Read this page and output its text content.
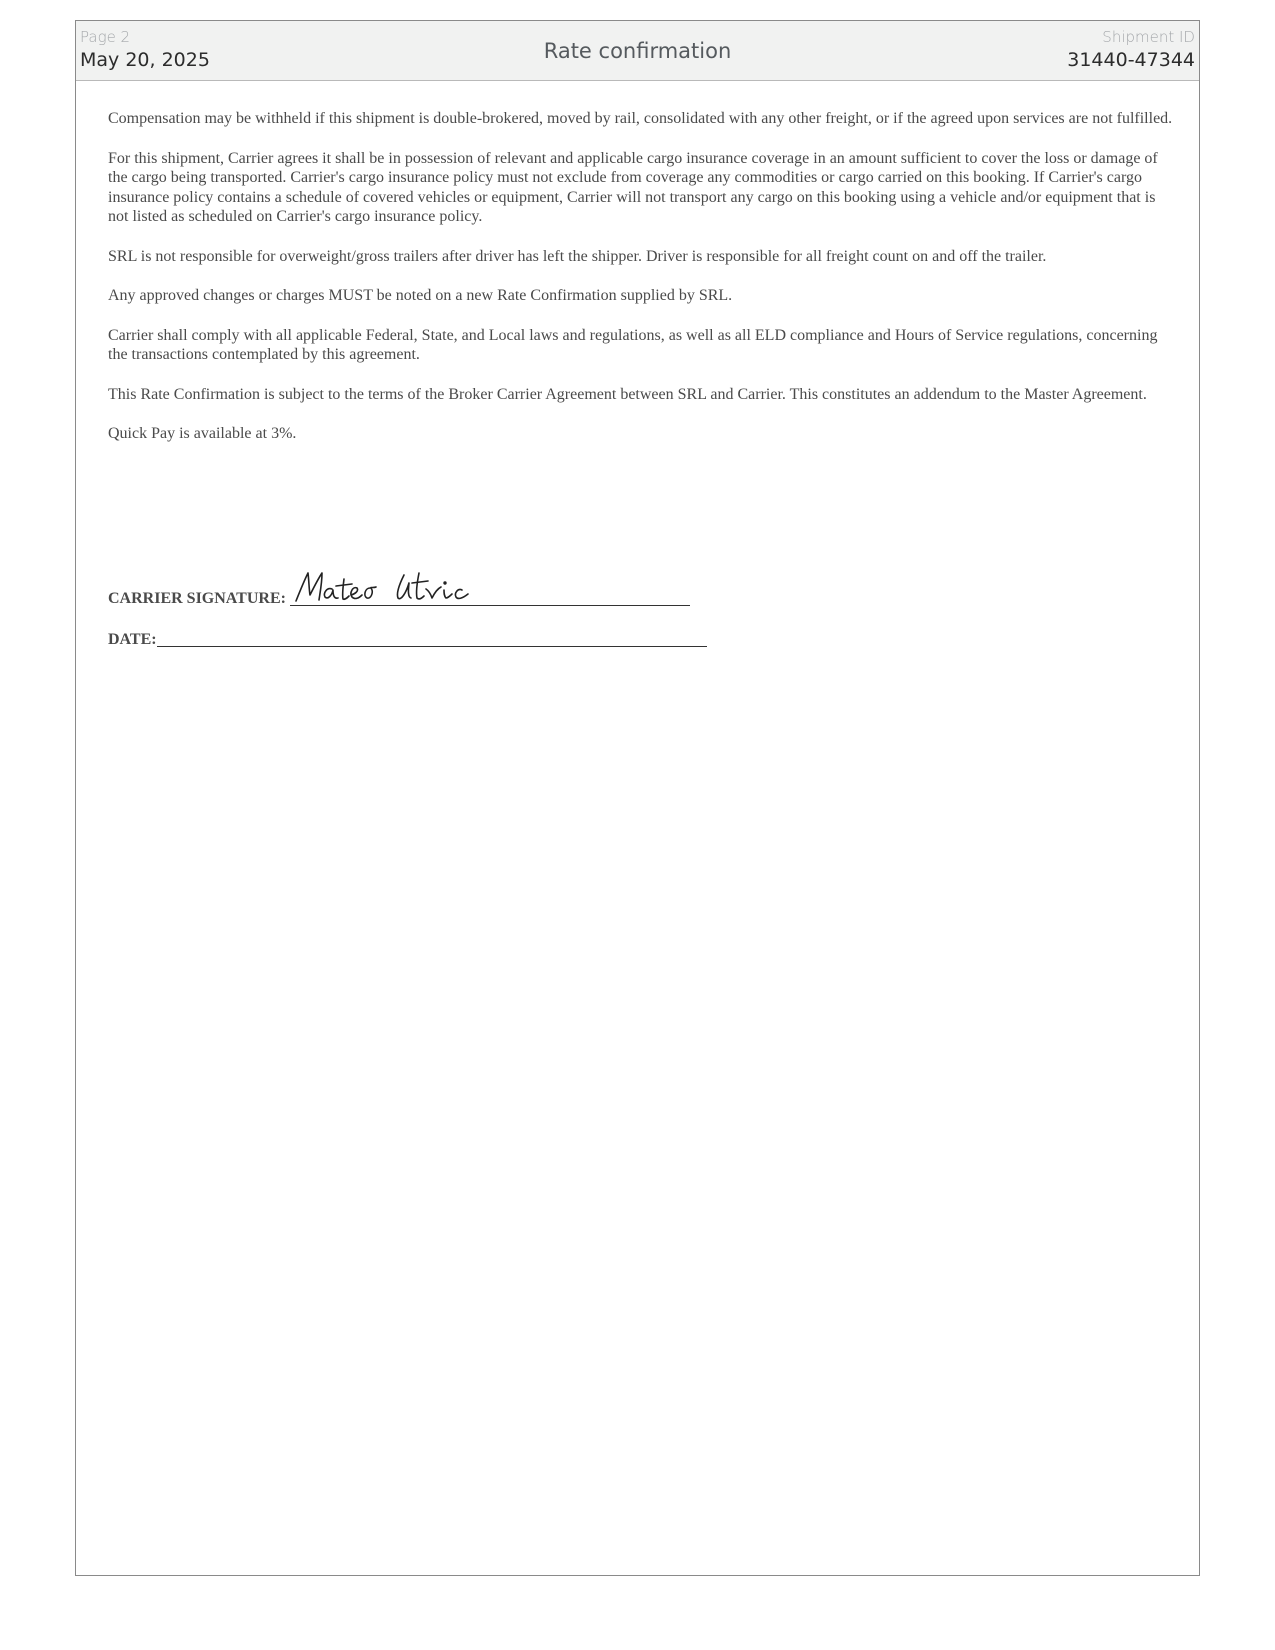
Page 2
May 20, 2025	Rate confirmation
Shipment ID
31440-47344

Compensation may be withheld if this shipment is double-brokered, moved by rail, consolidated with any other freight, or if the agreed upon services are not fulfilled.

For this shipment, Carrier agrees it shall be in possession of relevant and applicable cargo insurance coverage in an amount sufficient to cover the loss or damage of the cargo being transported. Carrier's cargo insurance policy must not exclude from coverage any commodities or cargo carried on this booking. If Carrier's cargo insurance policy contains a schedule of covered vehicles or equipment, Carrier will not transport any cargo on this booking using a vehicle and/or equipment that is not listed as scheduled on Carrier's cargo insurance policy.

SRL is not responsible for overweight/gross trailers after driver has left the shipper. Driver is responsible for all freight count on and off the trailer.

Any approved changes or charges MUST be noted on a new Rate Confirmation supplied by SRL.

Carrier shall comply with all applicable Federal, State, and Local laws and regulations, as well as all ELD compliance and Hours of Service regulations, concerning the transactions contemplated by this agreement.

This Rate Confirmation is subject to the terms of the Broker Carrier Agreement between SRL and Carrier. This constitutes an addendum to the Master Agreement.

Quick Pay is available at 3%.

CARRIER SIGNATURE:
DATE:
